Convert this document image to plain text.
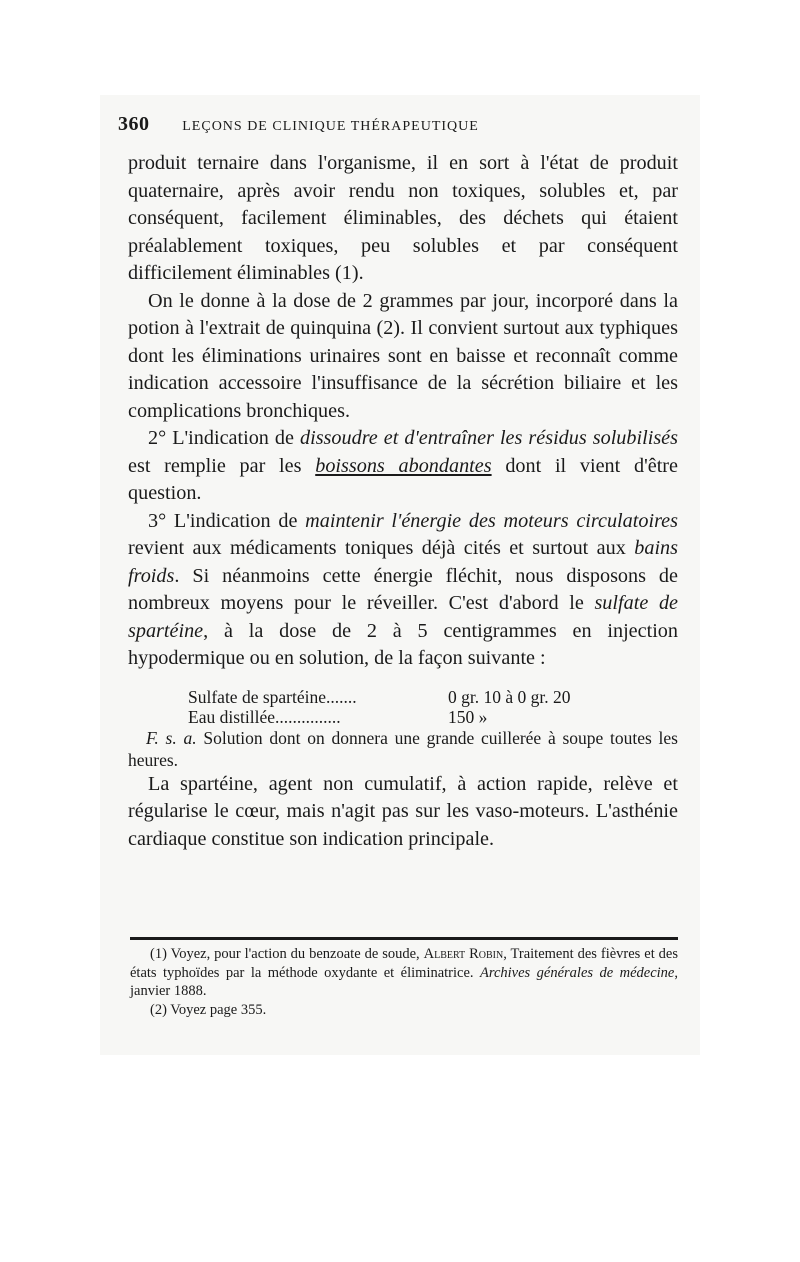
360 LEÇONS DE CLINIQUE THÉRAPEUTIQUE

produit ternaire dans l'organisme, il en sort à l'état de produit quaternaire, après avoir rendu non toxiques, solubles et, par conséquent, facilement éliminables, des déchets qui étaient préalablement toxiques, peu solubles et par conséquent difficilement éliminables (1).

On le donne à la dose de 2 grammes par jour, incorporé dans la potion à l'extrait de quinquina (2). Il convient surtout aux typhiques dont les éliminations urinaires sont en baisse et reconnaît comme indication accessoire l'insuffisance de la sécrétion biliaire et les complications bronchiques.

2° L'indication de dissoudre et d'entraîner les résidus solubilisés est remplie par les boissons abondantes dont il vient d'être question.

3° L'indication de maintenir l'énergie des moteurs circulatoires revient aux médicaments toniques déjà cités et surtout aux bains froids. Si néanmoins cette énergie fléchit, nous disposons de nombreux moyens pour le réveiller. C'est d'abord le sulfate de spartéine, à la dose de 2 à 5 centigrammes en injection hypodermique ou en solution, de la façon suivante :

Sulfate de spartéine.......	0 gr. 10 à 0 gr. 20
Eau distillée...............	150 »

F. s. a. Solution dont on donnera une grande cuillerée à soupe toutes les heures.

La spartéine, agent non cumulatif, à action rapide, relève et régularise le cœur, mais n'agit pas sur les vaso-moteurs. L'asthénie cardiaque constitue son indication principale.

(1) Voyez, pour l'action du benzoate de soude, Albert Robin, Traitement des fièvres et des états typhoïdes par la méthode oxydante et éliminatrice. Archives générales de médecine, janvier 1888.

(2) Voyez page 355.
